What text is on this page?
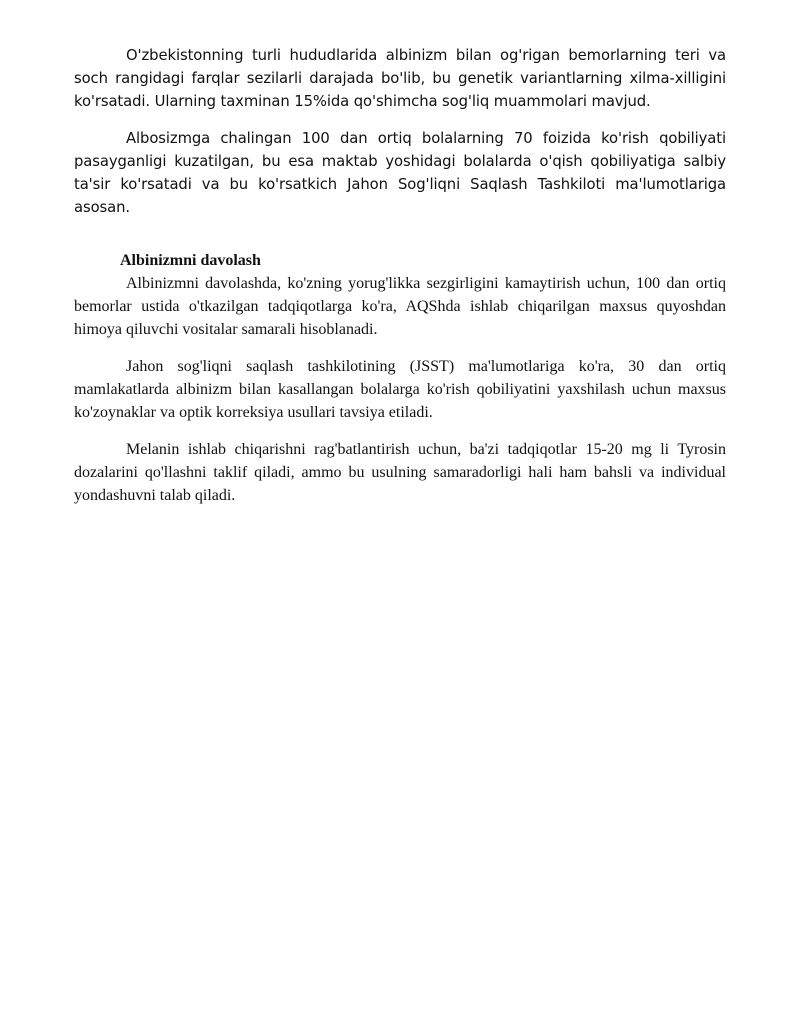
O'zbekistonning turli hududlarida albinizm bilan og'rigan bemorlarning teri va soch rangidagi farqlar sezilarli darajada bo'lib, bu genetik variantlarning xilma-xilligini ko'rsatadi. Ularning taxminan 15%ida qo'shimcha sog'liq muammolari mavjud.

Albosizmga chalingan 100 dan ortiq bolalarning 70 foizida ko'rish qobiliyati pasayganligi kuzatilgan, bu esa maktab yoshidagi bolalarda o'qish qobiliyatiga salbiy ta'sir ko'rsatadi va bu ko'rsatkich Jahon Sog'liqni Saqlash Tashkiloti ma'lumotlariga asosan.

Albinizmni davolash

Albinizmni davolashda, ko'zning yorug'likka sezgirligini kamaytirish uchun, 100 dan ortiq bemorlar ustida o'tkazilgan tadqiqotlarga ko'ra, AQShda ishlab chiqarilgan maxsus quyoshdan himoya qiluvchi vositalar samarali hisoblanadi.

Jahon sog'liqni saqlash tashkilotining (JSST) ma'lumotlariga ko'ra, 30 dan ortiq mamlakatlarda albinizm bilan kasallangan bolalarga ko'rish qobiliyatini yaxshilash uchun maxsus ko'zoynaklar va optik korreksiya usullari tavsiya etiladi.

Melanin ishlab chiqarishni rag'batlantirish uchun, ba'zi tadqiqotlar 15-20 mg li Tyrosin dozalarini qo'llashni taklif qiladi, ammo bu usulning samaradorligi hali ham bahsli va individual yondashuvni talab qiladi.
